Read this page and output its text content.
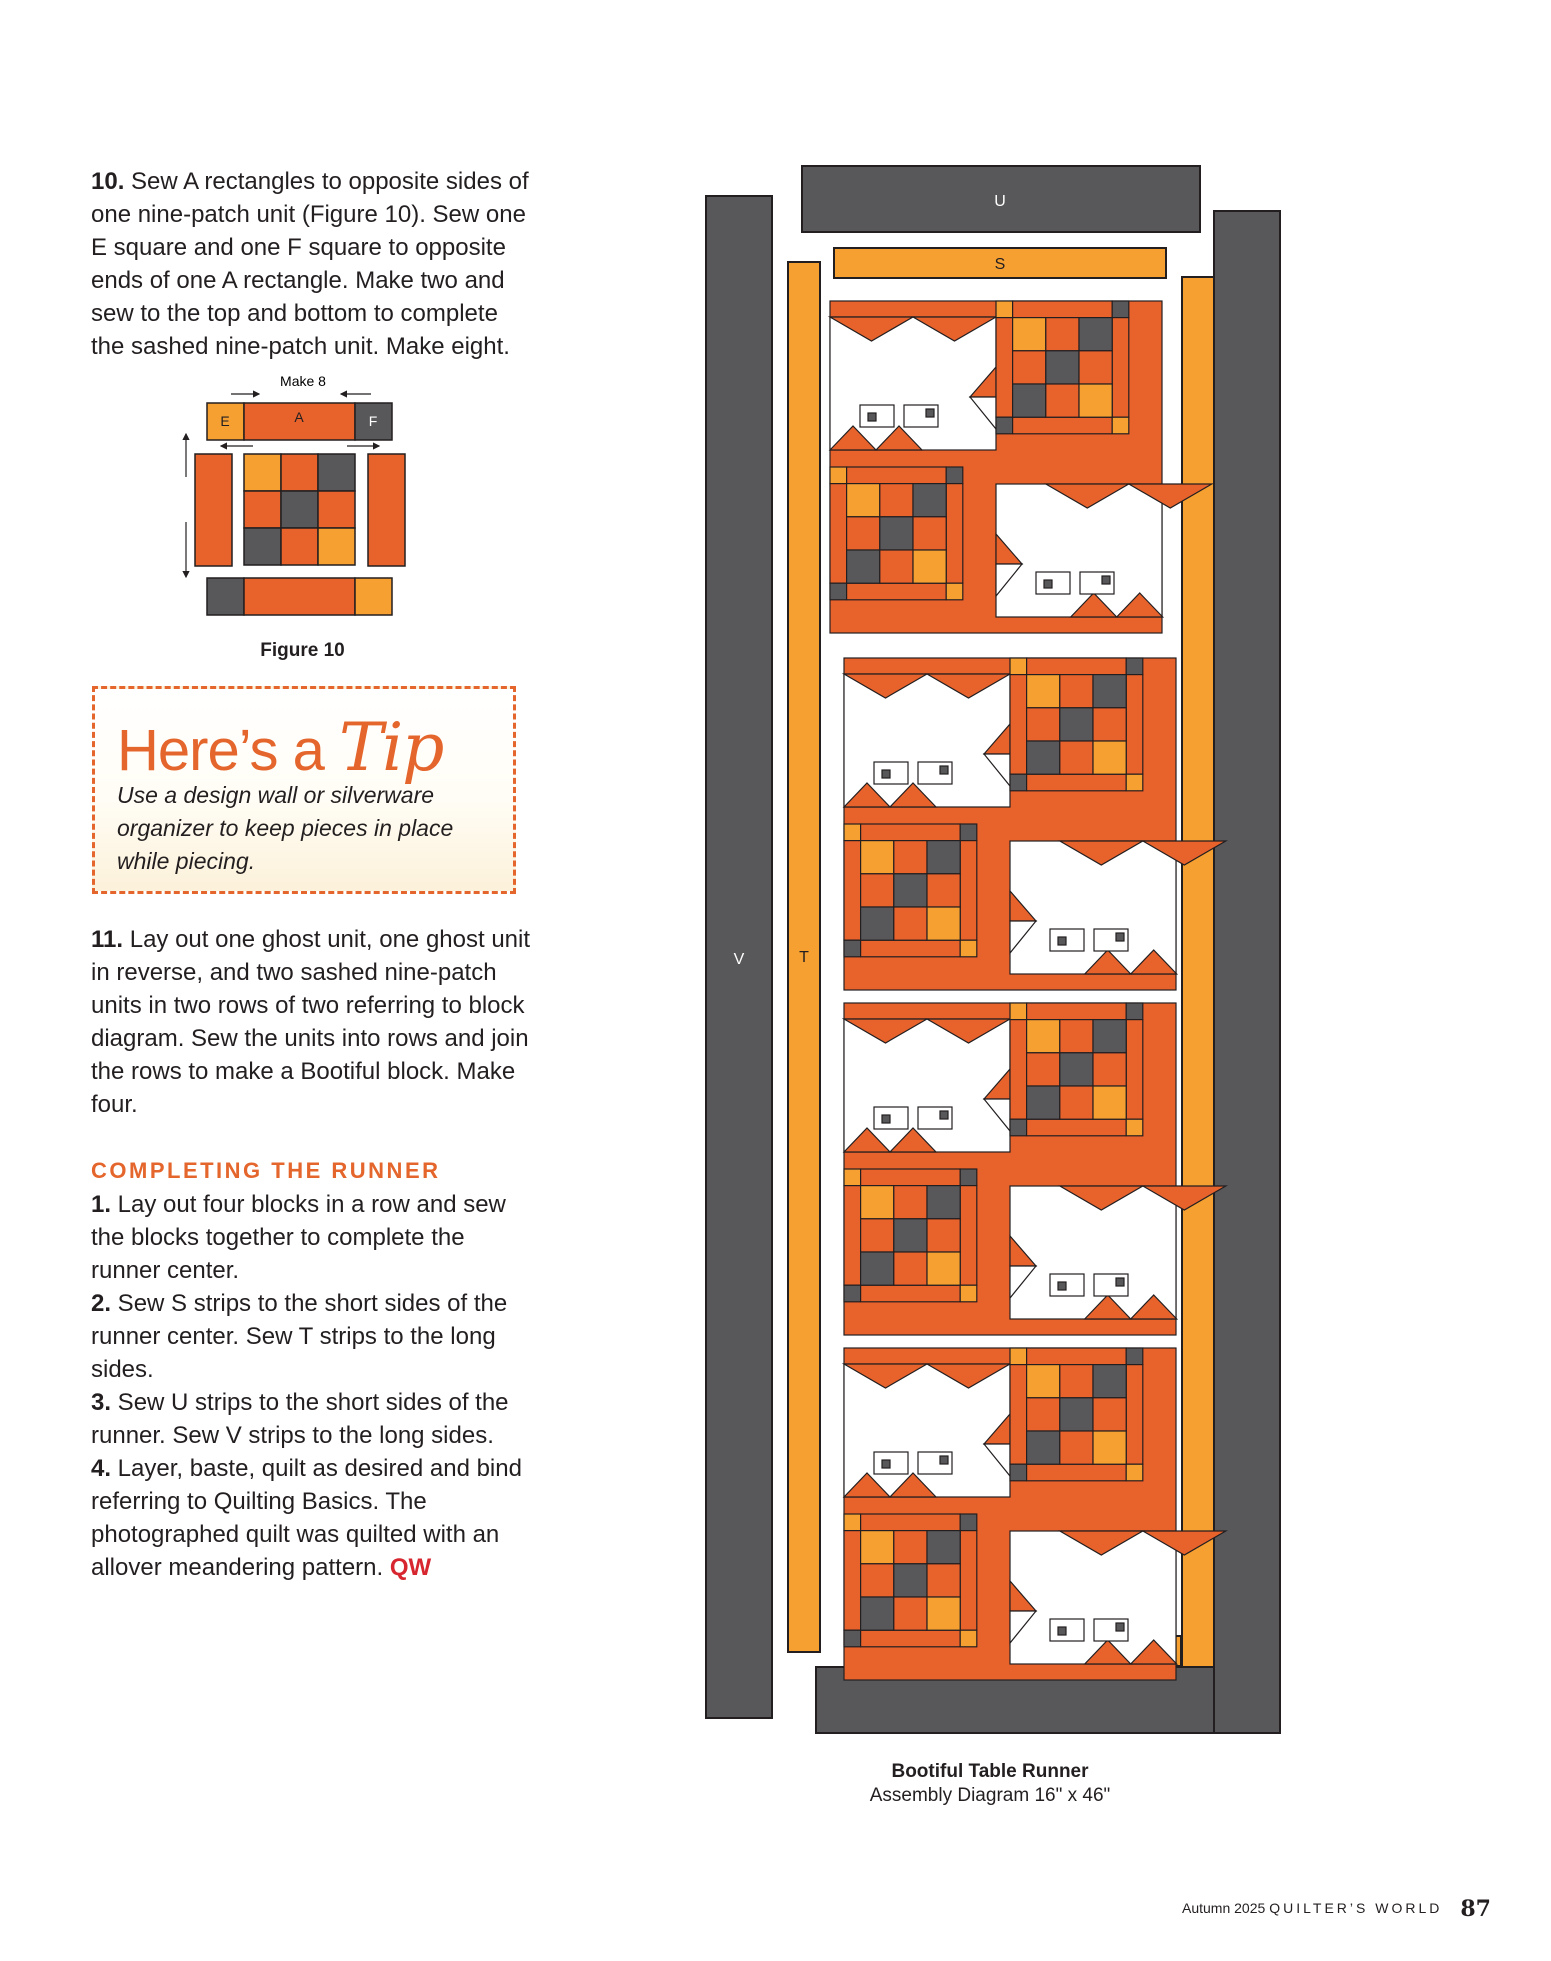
10. Sew A rectangles to opposite sides of one nine-patch unit (Figure 10). Sew one E square and one F square to opposite ends of one A rectangle. Make two and sew to the top and bottom to complete the sashed nine-patch unit. Make eight.

Make 8
E	A	F
Figure 10
Here’s a Tip
Use a design wall or silverware organizer to keep pieces in place while piecing.

11. Lay out one ghost unit, one ghost unit in reverse, and two sashed nine-patch units in two rows of two referring to block diagram. Sew the units into rows and join the rows to make a Bootiful block. Make four.

COMPLETING THE RUNNER

1. Lay out four blocks in a row and sew the blocks together to complete the runner center.

2. Sew S strips to the short sides of the runner center. Sew T strips to the long sides.

3. Sew U strips to the short sides of the runner. Sew V strips to the long sides.

4. Layer, baste, quilt as desired and bind referring to Quilting Basics. The photographed quilt was quilted with an allover meandering pattern. QW

U
S
V	T
Bootiful Table Runner
Assembly Diagram 16" x 46"
Autumn 2025 QUILTER’S WORLD 87
